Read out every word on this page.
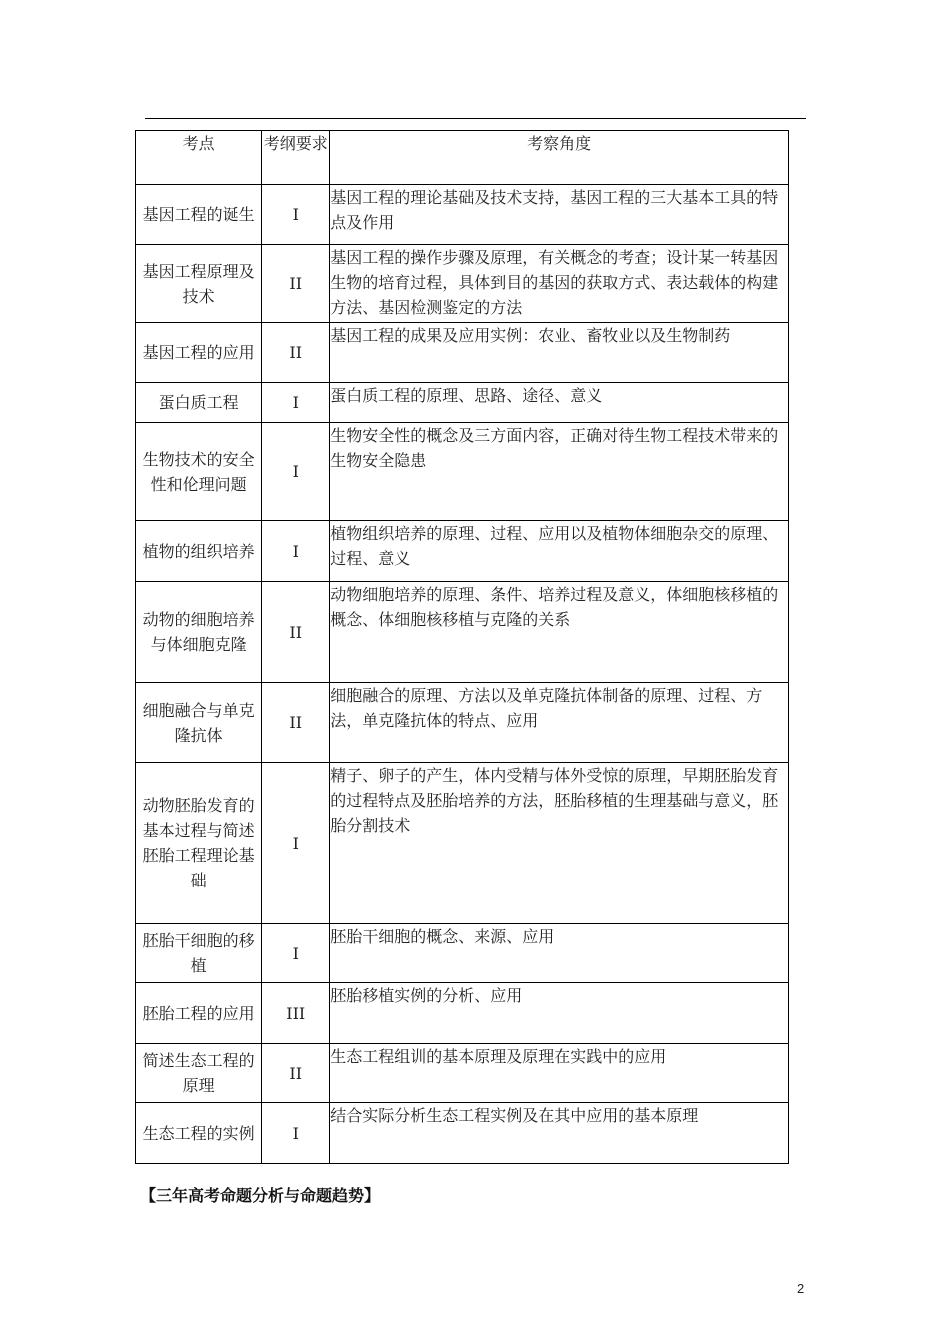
考点	考纲要求	考察角度
基因工程的诞生	I	基因工程的理论基础及技术支持，基因工程的三大基本工具的特点及作用
基因工程原理及技术	II	基因工程的操作步骤及原理，有关概念的考查；设计某一转基因生物的培育过程，具体到目的基因的获取方式、表达载体的构建方法、基因检测鉴定的方法
基因工程的应用	II	基因工程的成果及应用实例：农业、畜牧业以及生物制药
蛋白质工程	I	蛋白质工程的原理、思路、途径、意义
生物技术的安全性和伦理问题	I	生物安全性的概念及三方面内容，正确对待生物工程技术带来的生物安全隐患
植物的组织培养	I	植物组织培养的原理、过程、应用以及植物体细胞杂交的原理、过程、意义
动物的细胞培养与体细胞克隆	II	动物细胞培养的原理、条件、培养过程及意义，体细胞核移植的概念、体细胞核移植与克隆的关系
细胞融合与单克隆抗体	II	细胞融合的原理、方法以及单克隆抗体制备的原理、过程、方法，单克隆抗体的特点、应用
动物胚胎发育的基本过程与简述胚胎工程理论基础	I	精子、卵子的产生，体内受精与体外受惊的原理，早期胚胎发育的过程特点及胚胎培养的方法，胚胎移植的生理基础与意义，胚胎分割技术
胚胎干细胞的移植	I	胚胎干细胞的概念、来源、应用
胚胎工程的应用	III	胚胎移植实例的分析、应用
简述生态工程的原理	II	生态工程组训的基本原理及原理在实践中的应用
生态工程的实例	I	结合实际分析生态工程实例及在其中应用的基本原理
【三年高考命题分析与命题趋势】
2
